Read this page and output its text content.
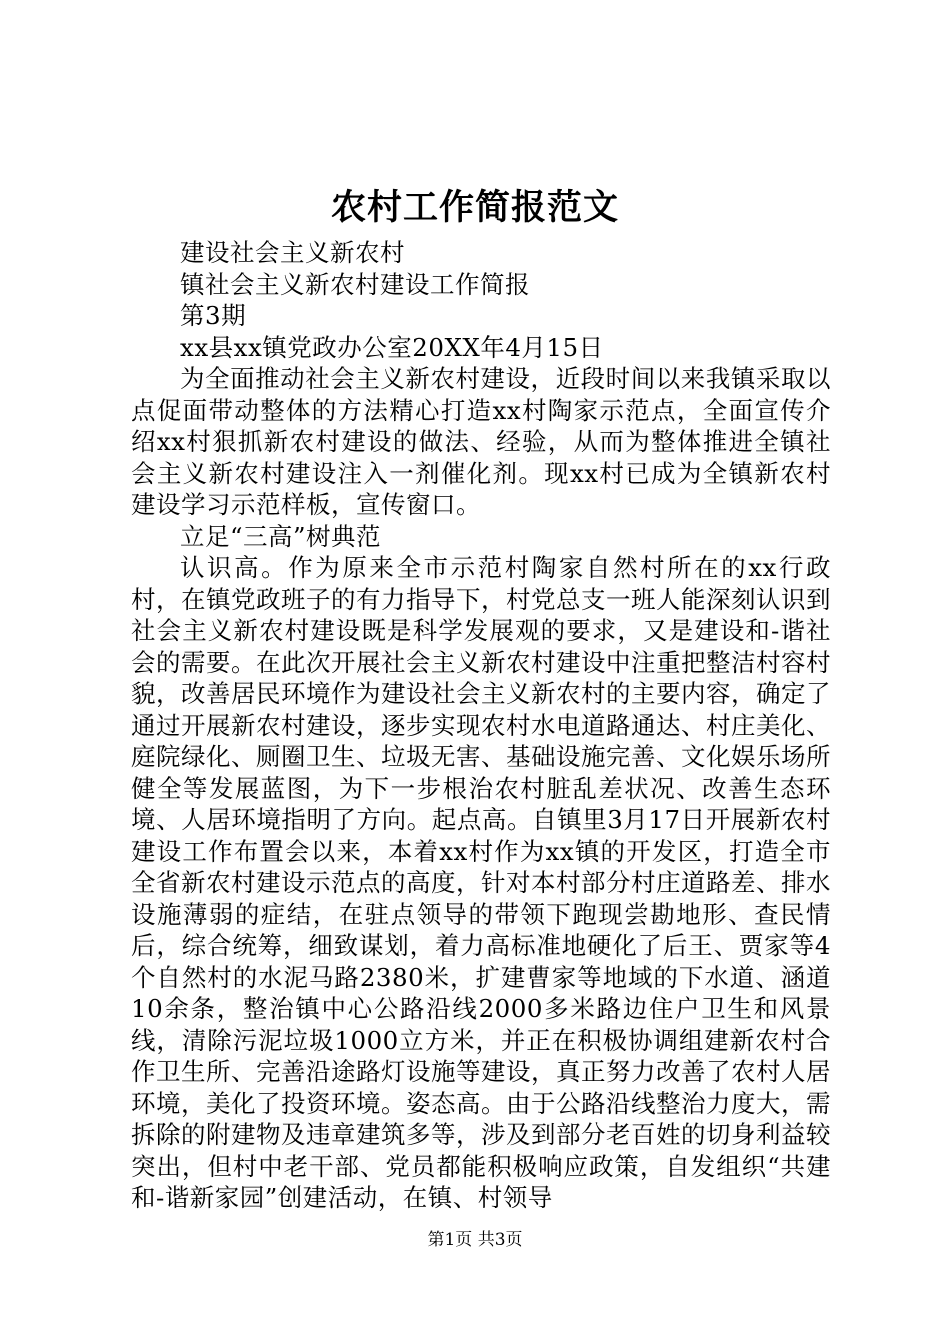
农村工作简报范文

建设社会主义新农村

镇社会主义新农村建设工作简报

第3期

xx县xx镇党政办公室20XX年4月15日

为全面推动社会主义新农村建设，近段时间以来我镇采取以点促面带动整体的方法精心打造xx村陶家示范点，全面宣传介绍xx村狠抓新农村建设的做法、经验，从而为整体推进全镇社会主义新农村建设注入一剂催化剂。现xx村已成为全镇新农村建设学习示范样板，宣传窗口。

立足“三高”树典范

认识高。作为原来全市示范村陶家自然村所在的xx行政村，在镇党政班子的有力指导下，村党总支一班人能深刻认识到社会主义新农村建设既是科学发展观的要求，又是建设和-谐社会的需要。在此次开展社会主义新农村建设中注重把整洁村容村貌，改善居民环境作为建设社会主义新农村的主要内容，确定了通过开展新农村建设，逐步实现农村水电道路通达、村庄美化、庭院绿化、厕圈卫生、垃圾无害、基础设施完善、文化娱乐场所健全等发展蓝图，为下一步根治农村脏乱差状况、改善生态环境、人居环境指明了方向。起点高。自镇里3月17日开展新农村建设工作布置会以来，本着xx村作为xx镇的开发区，打造全市全省新农村建设示范点的高度，针对本村部分村庄道路差、排水设施薄弱的症结，在驻点领导的带领下跑现尝勘地形、查民情后，综合统筹，细致谋划，着力高标准地硬化了后王、贾家等4个自然村的水泥马路2380米，扩建曹家等地域的下水道、涵道10余条，整治镇中心公路沿线2000多米路边住户卫生和风景线，清除污泥垃圾1000立方米，并正在积极协调组建新农村合作卫生所、完善沿途路灯设施等建设，真正努力改善了农村人居环境，美化了投资环境。姿态高。由于公路沿线整治力度大，需拆除的附建物及违章建筑多等，涉及到部分老百姓的切身利益较突出，但村中老干部、党员都能积极响应政策，自发组织“共建和-谐新家园”创建活动，在镇、村领导

第1页 共3页
